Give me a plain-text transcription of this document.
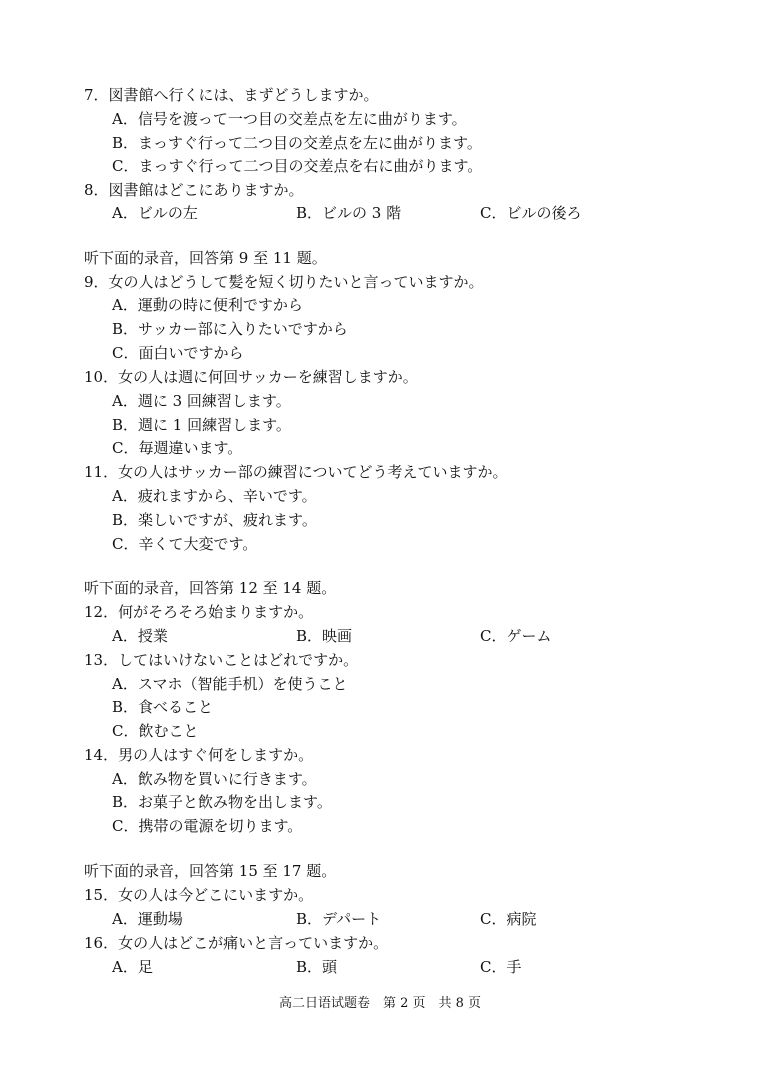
7．図書館へ行くには、まずどうしますか。
A．信号を渡って一つ目の交差点を左に曲がります。
B．まっすぐ行って二つ目の交差点を左に曲がります。
C．まっすぐ行って二つ目の交差点を右に曲がります。
8．図書館はどこにありますか。
A．ビルの左	B．ビルの 3 階	C．ビルの後ろ
听下面的录音，回答第 9 至 11 题。
9．女の人はどうして髪を短く切りたいと言っていますか。
A．運動の時に便利ですから
B．サッカー部に入りたいですから
C．面白いですから
10．女の人は週に何回サッカーを練習しますか。
A．週に 3 回練習します。
B．週に 1 回練習します。
C．毎週違います。
11．女の人はサッカー部の練習についてどう考えていますか。
A．疲れますから、辛いです。
B．楽しいですが、疲れます。
C．辛くて大変です。
听下面的录音，回答第 12 至 14 题。
12．何がそろそろ始まりますか。
A．授業	B．映画	C．ゲーム
13．してはいけないことはどれですか。
A．スマホ（智能手机）を使うこと
B．食べること
C．飲むこと
14．男の人はすぐ何をしますか。
A．飲み物を買いに行きます。
B．お菓子と飲み物を出します。
C．携帯の電源を切ります。
听下面的录音，回答第 15 至 17 题。
15．女の人は今どこにいますか。
A．運動場	B．デパート	C．病院
16．女の人はどこが痛いと言っていますか。
A．足	B．頭	C．手
高二日语试题卷　第 2 页　共 8 页
